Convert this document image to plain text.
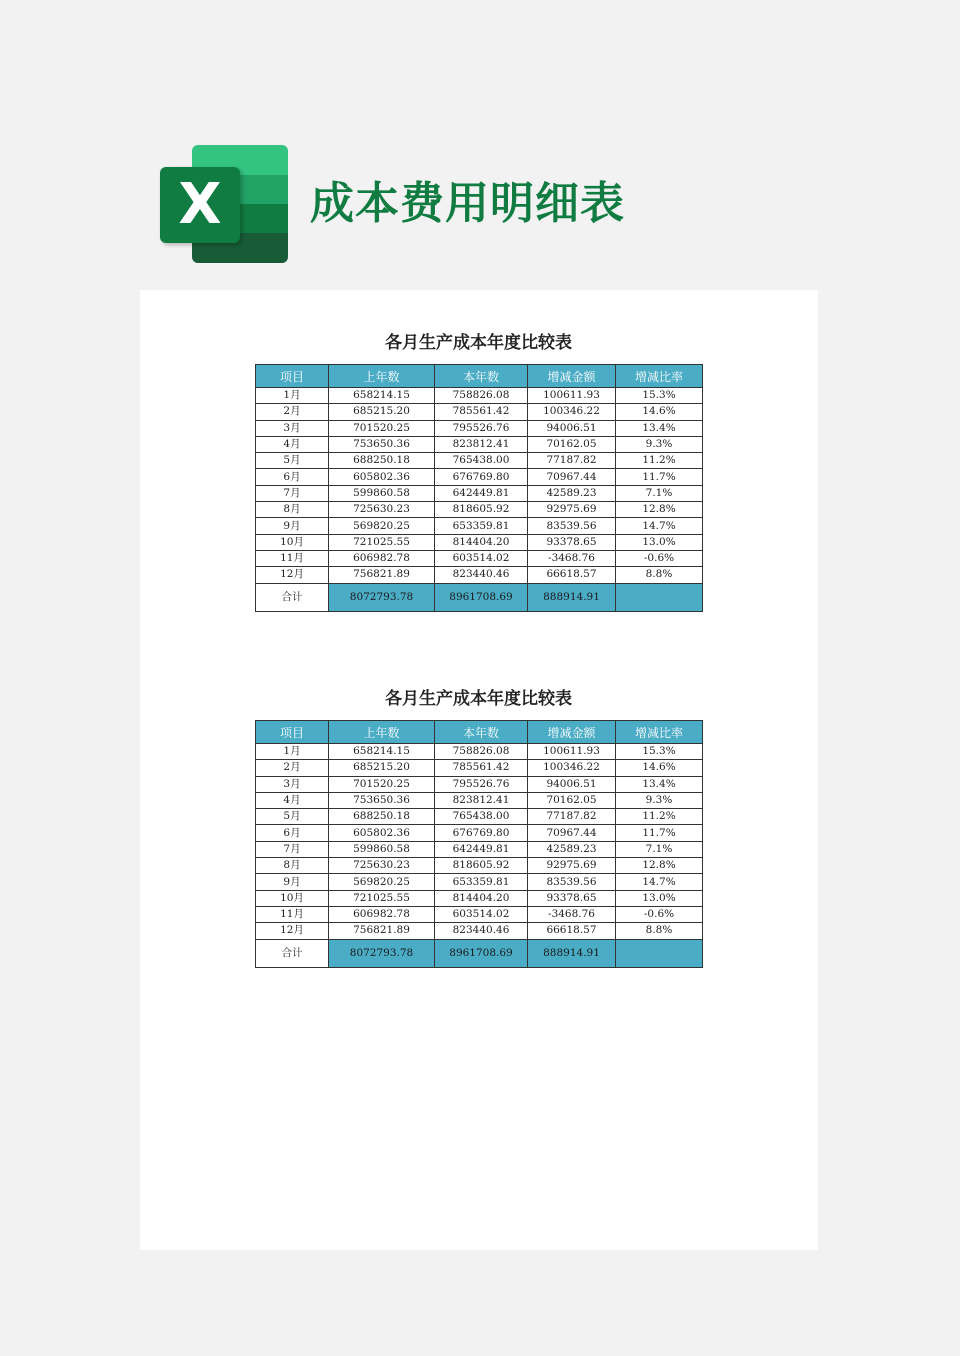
X	成本费用明细表
各月生产成本年度比较表
项目	上年数	本年数	增减金额	增减比率
1月	658214.15	758826.08	100611.93	15.3%
2月	685215.20	785561.42	100346.22	14.6%
3月	701520.25	795526.76	94006.51	13.4%
4月	753650.36	823812.41	70162.05	9.3%
5月	688250.18	765438.00	77187.82	11.2%
6月	605802.36	676769.80	70967.44	11.7%
7月	599860.58	642449.81	42589.23	7.1%
8月	725630.23	818605.92	92975.69	12.8%
9月	569820.25	653359.81	83539.56	14.7%
10月	721025.55	814404.20	93378.65	13.0%
11月	606982.78	603514.02	-3468.76	-0.6%
12月	756821.89	823440.46	66618.57	8.8%
合计	8072793.78	8961708.69	888914.91	
各月生产成本年度比较表
项目	上年数	本年数	增减金额	增减比率
1月	658214.15	758826.08	100611.93	15.3%
2月	685215.20	785561.42	100346.22	14.6%
3月	701520.25	795526.76	94006.51	13.4%
4月	753650.36	823812.41	70162.05	9.3%
5月	688250.18	765438.00	77187.82	11.2%
6月	605802.36	676769.80	70967.44	11.7%
7月	599860.58	642449.81	42589.23	7.1%
8月	725630.23	818605.92	92975.69	12.8%
9月	569820.25	653359.81	83539.56	14.7%
10月	721025.55	814404.20	93378.65	13.0%
11月	606982.78	603514.02	-3468.76	-0.6%
12月	756821.89	823440.46	66618.57	8.8%
合计	8072793.78	8961708.69	888914.91	
